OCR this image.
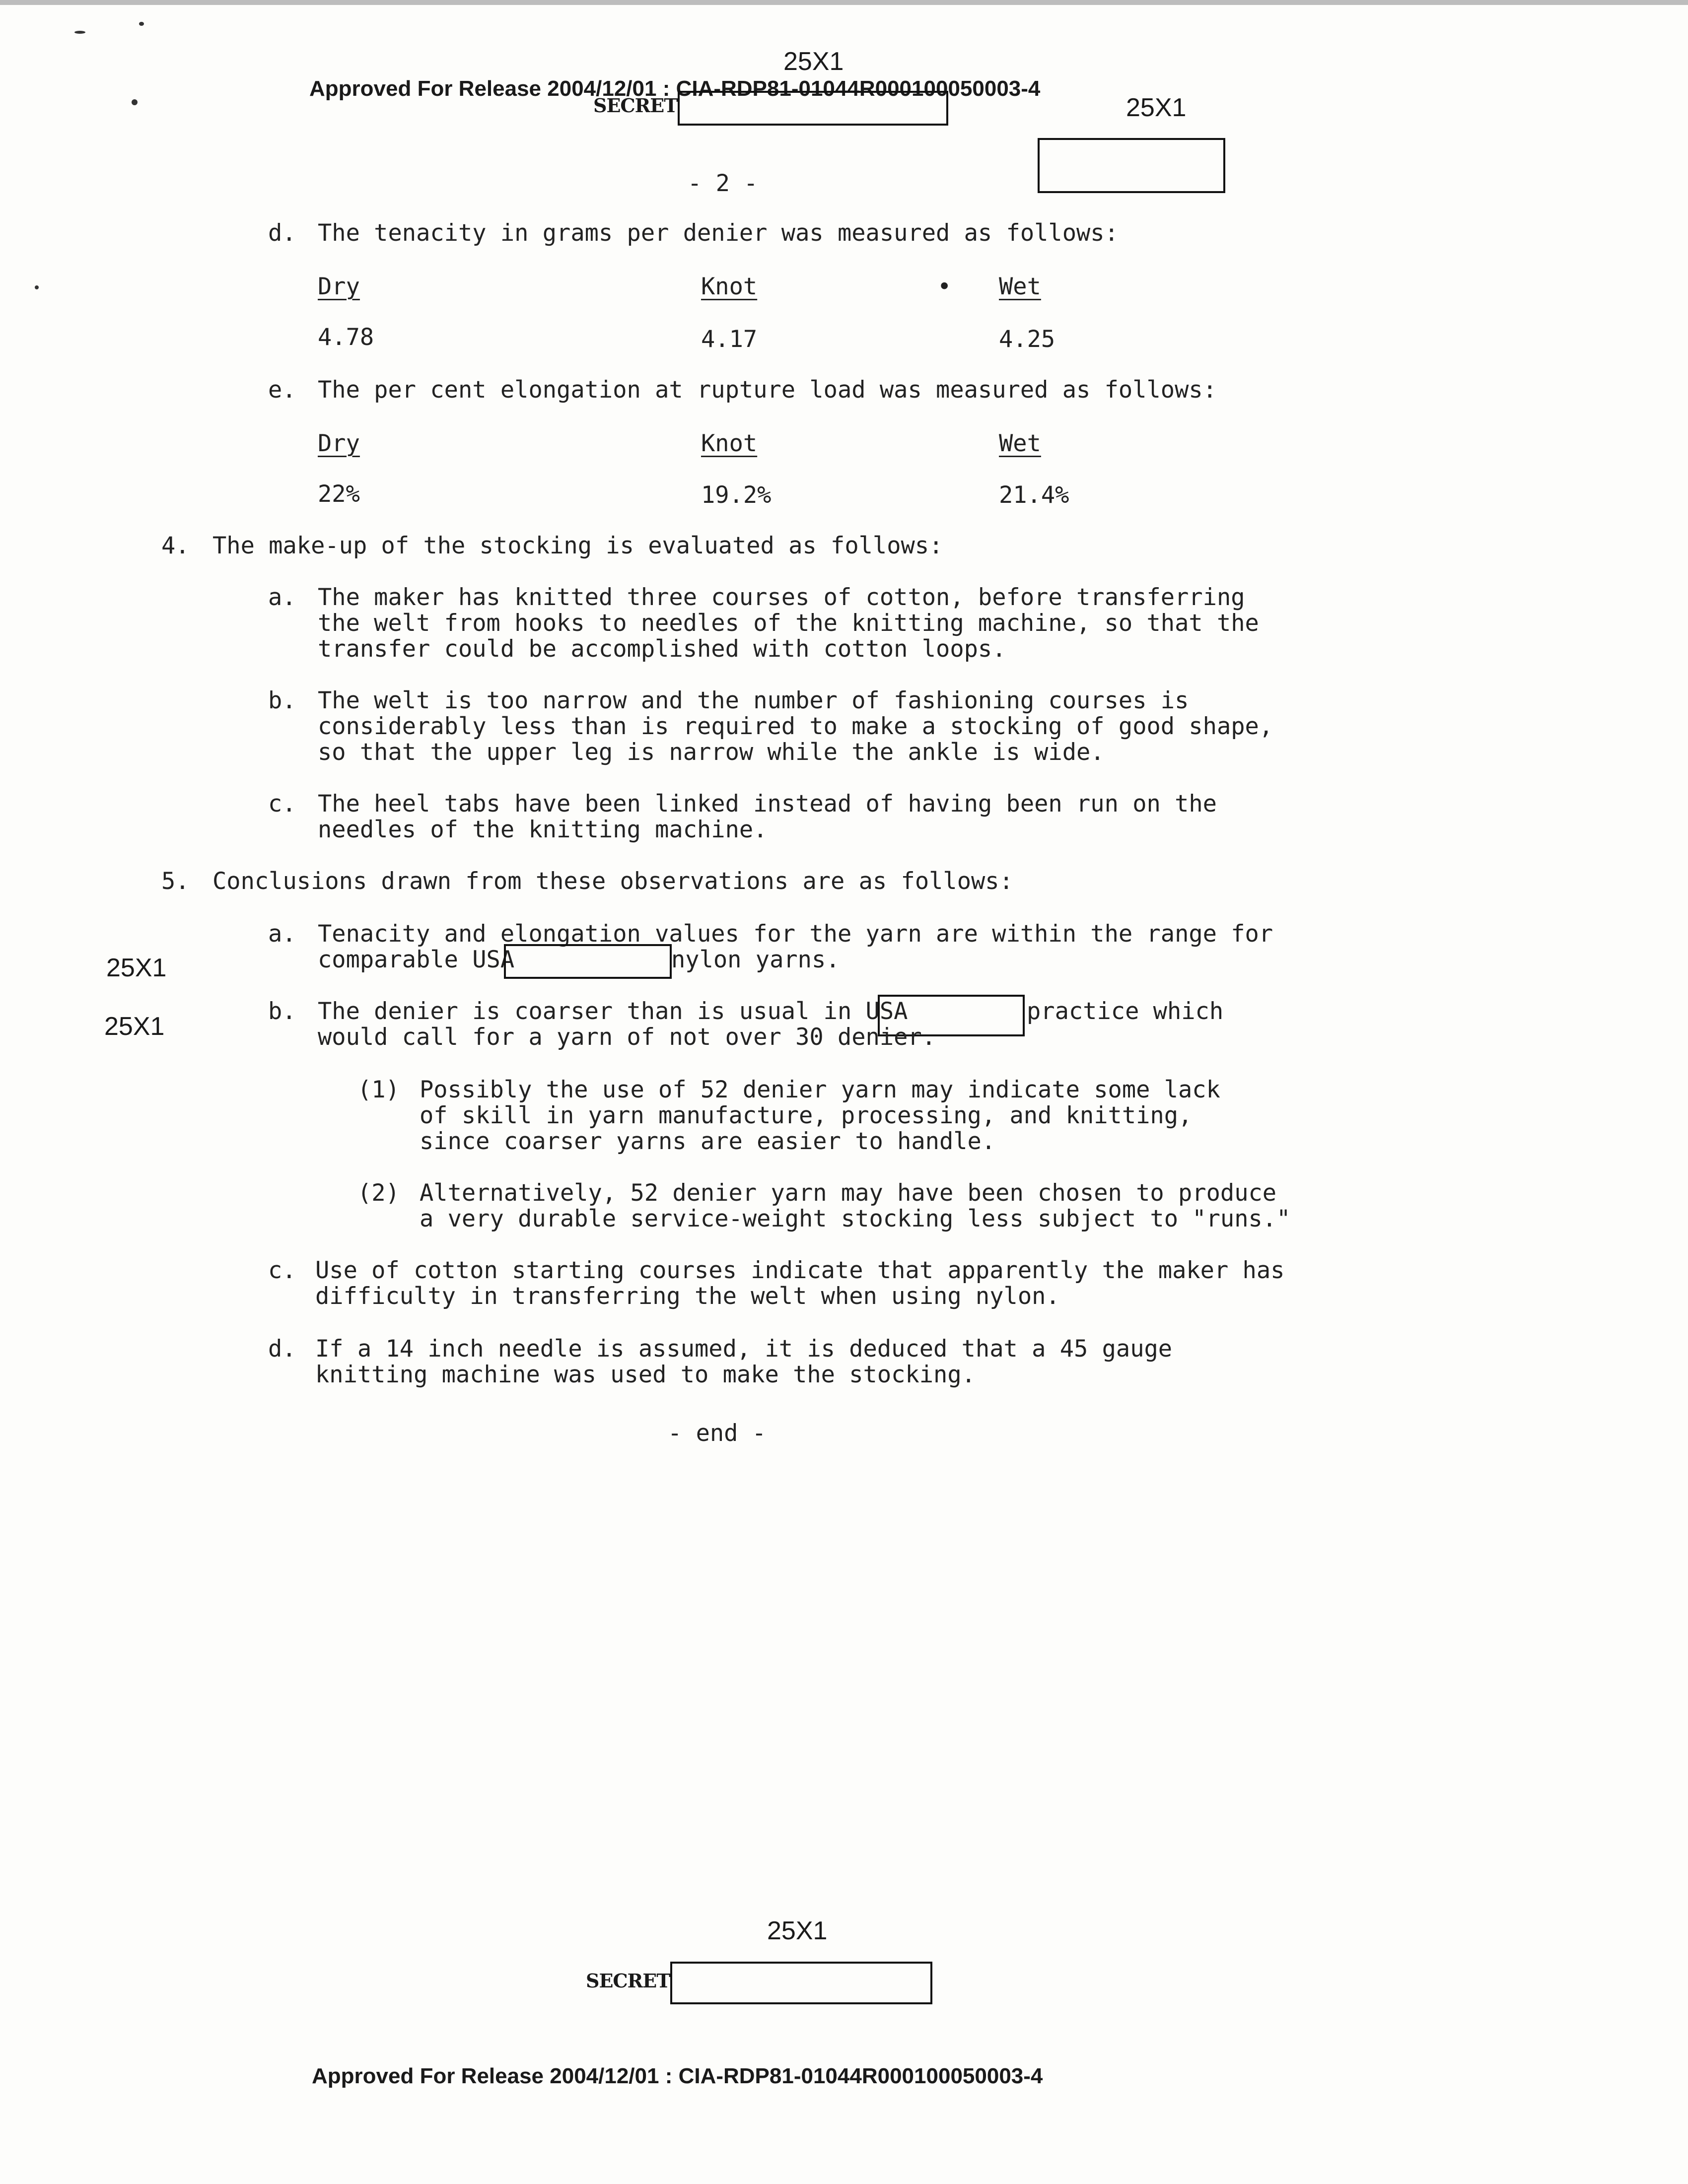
25X1
Approved For Release 2004/12/01 : CIA-RDP81-01044R000100050003-4
SECRET	25X1
- 2 -
d. The tenacity in grams per denier was measured as follows:
Dry	Knot	• Wet
4.78	4.17	4.25
e. The per cent elongation at rupture load was measured as follows:
Dry	Knot	Wet
22%	19.2%	21.4%
4. The make-up of the stocking is evaluated as follows:
a. The maker has knitted three courses of cotton, before transferring
the welt from hooks to needles of the knitting machine, so that the
transfer could be accomplished with cotton loops.
b. The welt is too narrow and the number of fashioning courses is
considerably less than is required to make a stocking of good shape,
so that the upper leg is narrow while the ankle is wide.
c. The heel tabs have been linked instead of having been run on the
needles of the knitting machine.
5. Conclusions drawn from these observations are as follows:
a. Tenacity and elongation values for the yarn are within the range for
comparable USA	nylon yarns.
25X1
b. The denier is coarser than is usual in USA	practice which
would call for a yarn of not over 30 denier.
25X1
(1) Possibly the use of 52 denier yarn may indicate some lack
of skill in yarn manufacture, processing, and knitting,
since coarser yarns are easier to handle.
(2) Alternatively, 52 denier yarn may have been chosen to produce
a very durable service-weight stocking less subject to "runs."
c. Use of cotton starting courses indicate that apparently the maker has
difficulty in transferring the welt when using nylon.
d. If a 14 inch needle is assumed, it is deduced that a 45 gauge
knitting machine was used to make the stocking.
- end -
25X1
SECRET
Approved For Release 2004/12/01 : CIA-RDP81-01044R000100050003-4
